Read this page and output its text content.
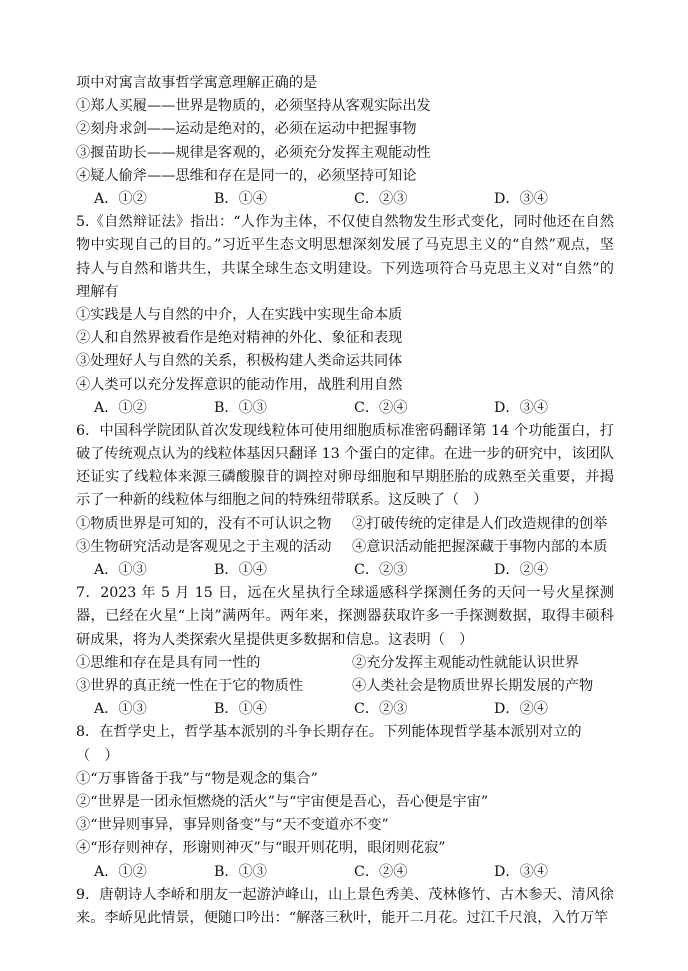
项中对寓言故事哲学寓意理解正确的是
①郑人买履——世界是物质的，必须坚持从客观实际出发
②刻舟求剑——运动是绝对的，必须在运动中把握事物
③揠苗助长——规律是客观的，必须充分发挥主观能动性
④疑人偷斧——思维和存在是同一的，必须坚持可知论
A．①②	B．①④	C．②③	D．③④
5.《自然辩证法》指出：“人作为主体，不仅使自然物发生形式变化，同时他还在自然物中实现自己的目的。”习近平生态文明思想深刻发展了马克思主义的“自然”观点，坚持人与自然和谐共生，共谋全球生态文明建设。下列选项符合马克思主义对“自然”的理解有
①实践是人与自然的中介，人在实践中实现生命本质
②人和自然界被看作是绝对精神的外化、象征和表现
③处理好人与自然的关系，积极构建人类命运共同体
④人类可以充分发挥意识的能动作用，战胜利用自然
A．①②	B．①③	C．②④	D．③④
6．中国科学院团队首次发现线粒体可使用细胞质标准密码翻译第 14 个功能蛋白，打破了传统观点认为的线粒体基因只翻译 13 个蛋白的定律。在进一步的研究中，该团队还证实了线粒体来源三磷酸腺苷的调控对卵母细胞和早期胚胎的成熟至关重要，并揭示了一种新的线粒体与细胞之间的特殊纽带联系。这反映了（　）
①物质世界是可知的，没有不可认识之物 ②打破传统的定律是人们改造规律的创举
③生物研究活动是客观见之于主观的活动 ④意识活动能把握深藏于事物内部的本质
A．①③	B．①④	C．②③	D．②④
7．2023 年 5 月 15 日，远在火星执行全球遥感科学探测任务的天问一号火星探测器，已经在火星“上岗”满两年。两年来，探测器获取许多一手探测数据，取得丰硕科研成果，将为人类探索火星提供更多数据和信息。这表明（　）
①思维和存在是具有同一性的	②充分发挥主观能动性就能认识世界
③世界的真正统一性在于它的物质性	④人类社会是物质世界长期发展的产物
A．①③	B．①④	C．②③	D．②④
8．在哲学史上，哲学基本派别的斗争长期存在。下列能体现哲学基本派别对立的
（　）
①“万事皆备于我”与“物是观念的集合”
②“世界是一团永恒燃烧的活火”与“宇宙便是吾心，吾心便是宇宙”
③“世异则事异，事异则备变”与“天不变道亦不变”
④“形存则神存，形谢则神灭”与“眼开则花明，眼闭则花寂”
A．①②	B．①③	C．②④	D．③④
9．唐朝诗人李峤和朋友一起游泸峰山，山上景色秀美、茂林修竹、古木参天、清风徐来。李峤见此情景，便随口吟出：“解落三秋叶，能开二月花。过江千尺浪，入竹万竿
